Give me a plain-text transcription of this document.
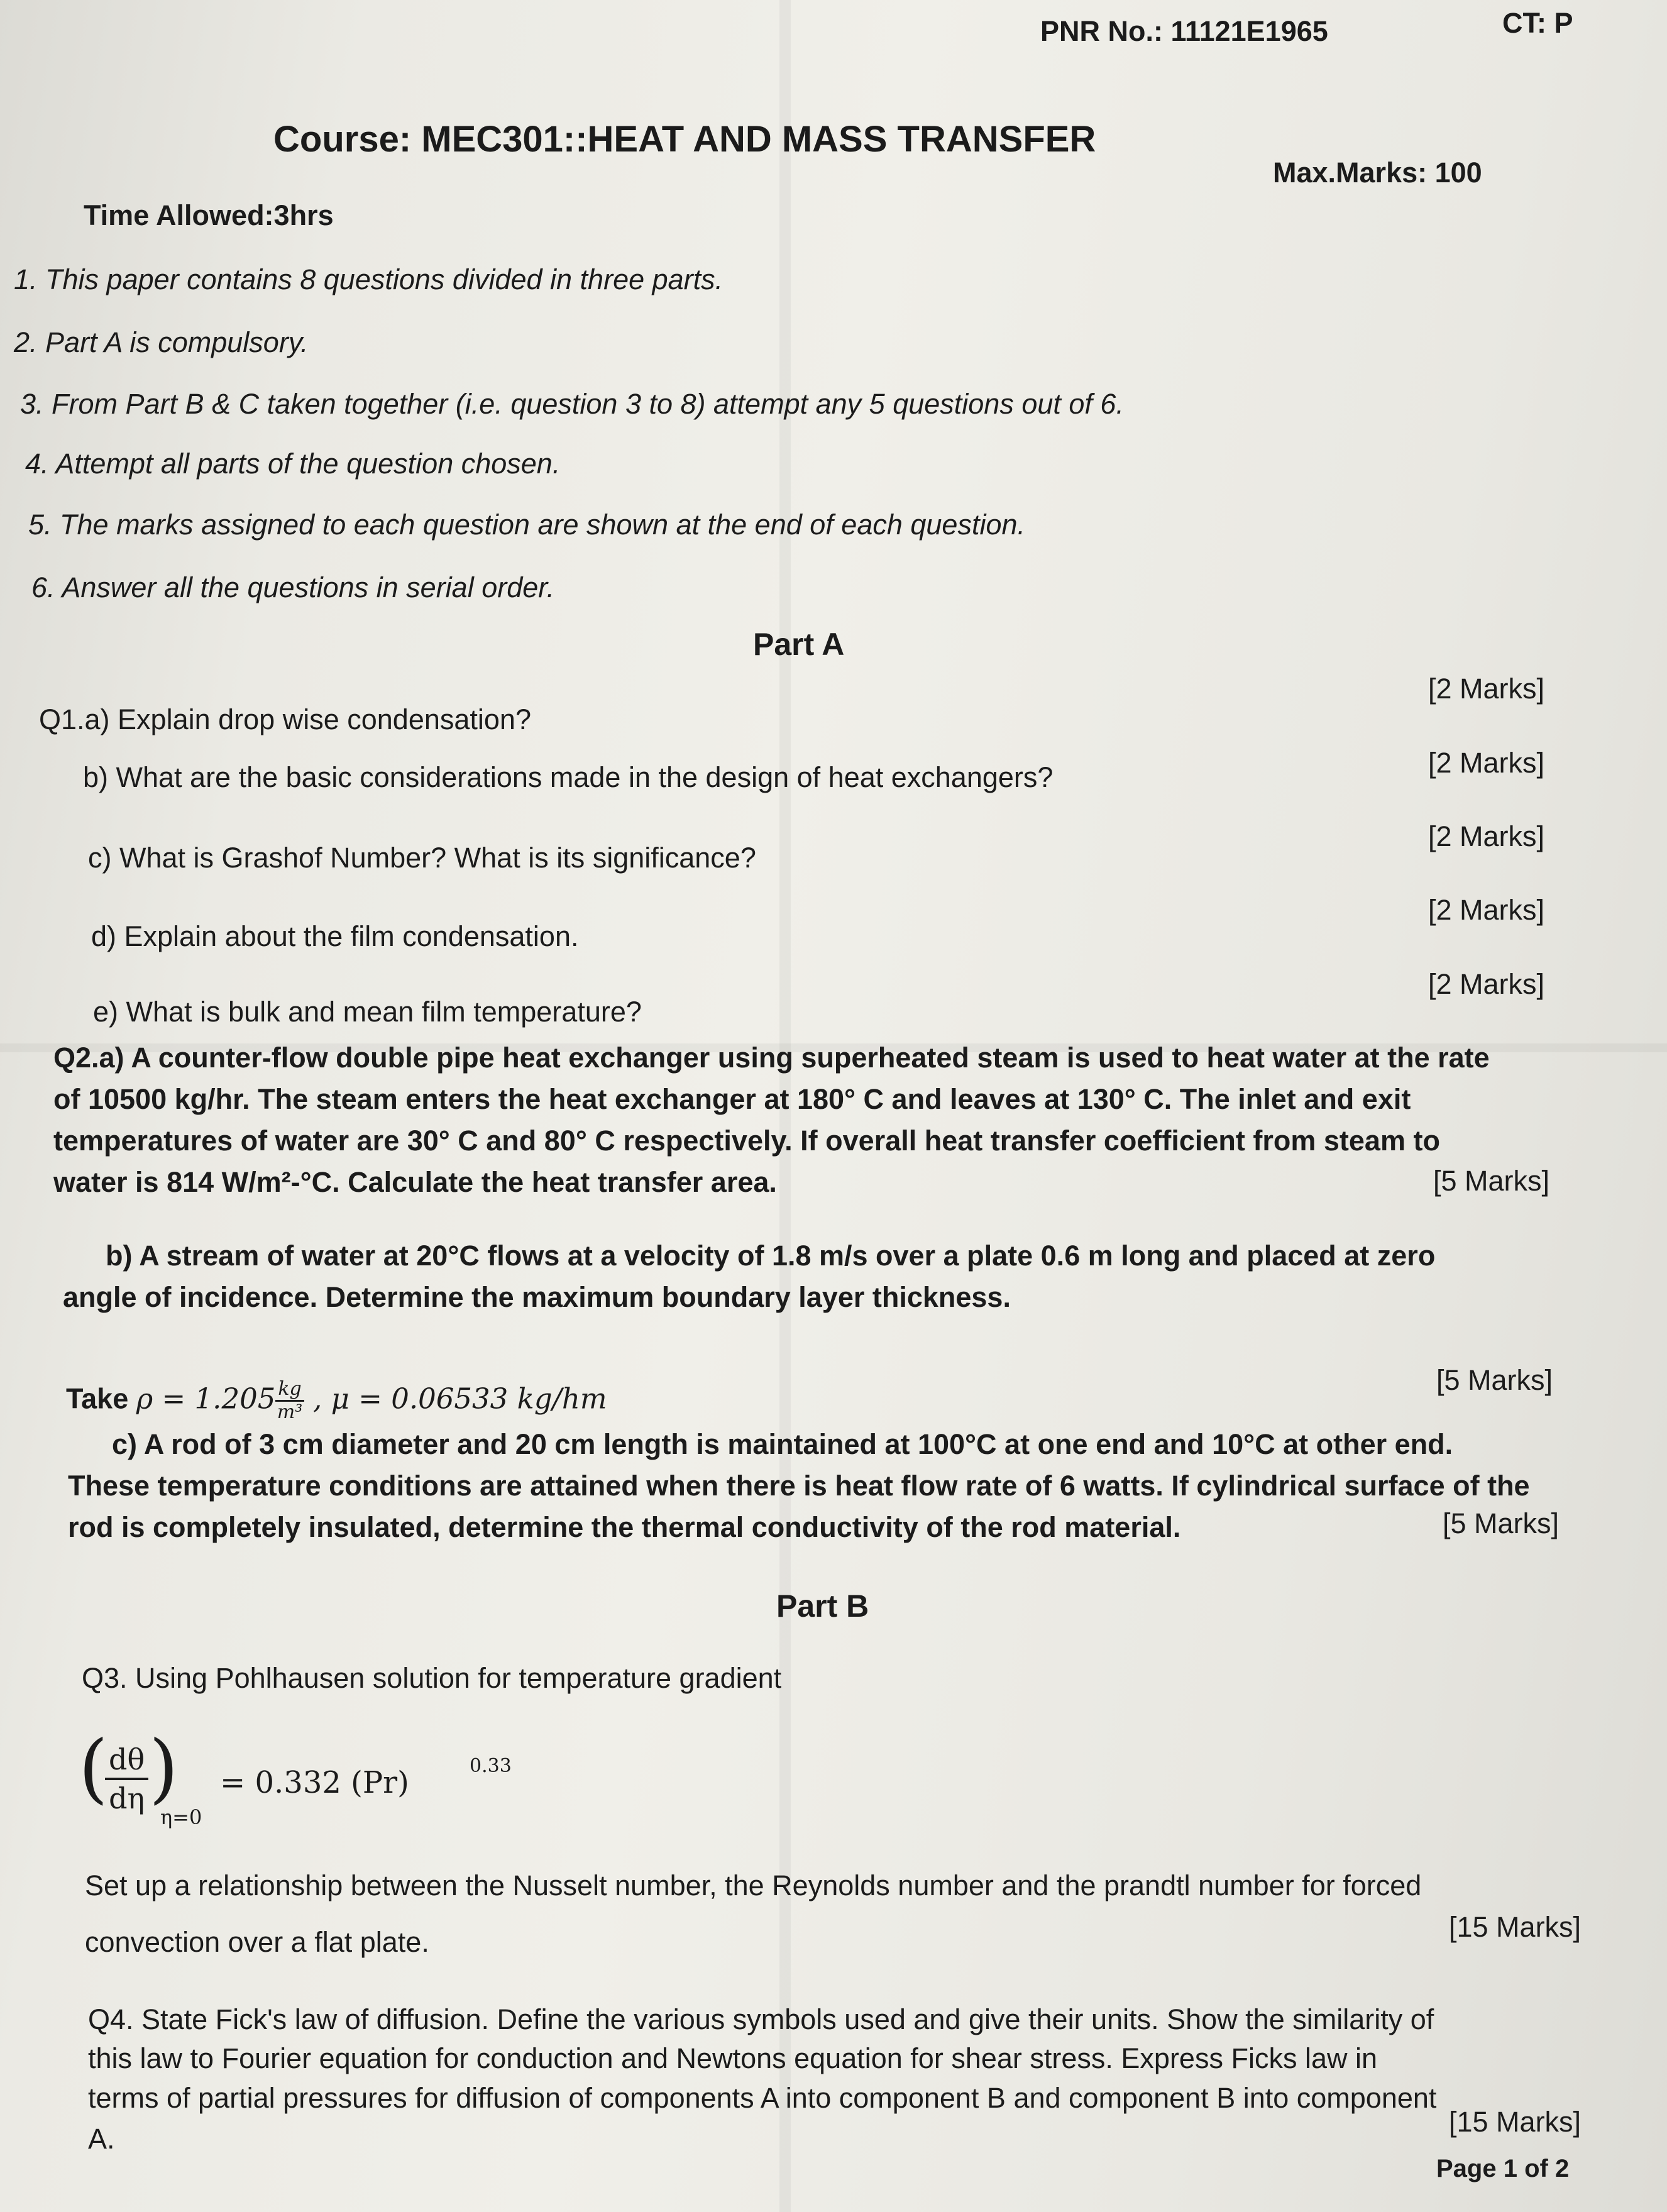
PNR No.: 11121E1965	CT: P
Course: MEC301::HEAT AND MASS TRANSFER
Max.Marks: 100
Time Allowed:3hrs
1. This paper contains 8 questions divided in three parts.
2. Part A is compulsory.
3. From Part B & C taken together (i.e. question 3 to 8) attempt any 5 questions out of 6.
4. Attempt all parts of the question chosen.
5. The marks assigned to each question are shown at the end of each question.
6. Answer all the questions in serial order.
Part A
Q1.a) Explain drop wise condensation?
[2 Marks]
b) What are the basic considerations made in the design of heat exchangers?	[2 Marks]
c) What is Grashof Number? What is its significance?
[2 Marks]
d) Explain about the film condensation.
[2 Marks]
e) What is bulk and mean film temperature?
[2 Marks]
Q2.a) A counter-flow double pipe heat exchanger using superheated steam is used to heat water at the rate
of 10500 kg/hr. The steam enters the heat exchanger at 180° C and leaves at 130° C. The inlet and exit
temperatures of water are 30° C and 80° C respectively. If overall heat transfer coefficient from steam to
water is 814 W/m²-°C. Calculate the heat transfer area.	[5 Marks]
b) A stream of water at 20°C flows at a velocity of 1.8 m/s over a plate 0.6 m long and placed at zero
angle of incidence. Determine the maximum boundary layer thickness.
Take $\rho = 1.205 \frac{kg}{\text{m³}}$ , μ = 0.06533 kg/hm
[5 Marks]
c) A rod of 3 cm diameter and 20 cm length is maintained at 100°C at one end and 10°C at other end.
These temperature conditions are attained when there is heat flow rate of 6 watts. If cylindrical surface of the
rod is completely insulated, determine the thermal conductivity of the rod material.	[5 Marks]
Part B
Q3. Using Pohlhausen solution for temperature gradient
(
$\frac{d\theta}{d\eta}$ )
η=0
= 0.332 (Pr)	0.33
Set up a relationship between the Nusselt number, the Reynolds number and the prandtl number for forced
convection over a flat plate.	[15 Marks]
Q4. State Fick's law of diffusion. Define the various symbols used and give their units. Show the similarity of
this law to Fourier equation for conduction and Newtons equation for shear stress. Express Ficks law in
terms of partial pressures for diffusion of components A into component B and component B into component
A.
[15 Marks]
Page 1 of 2
